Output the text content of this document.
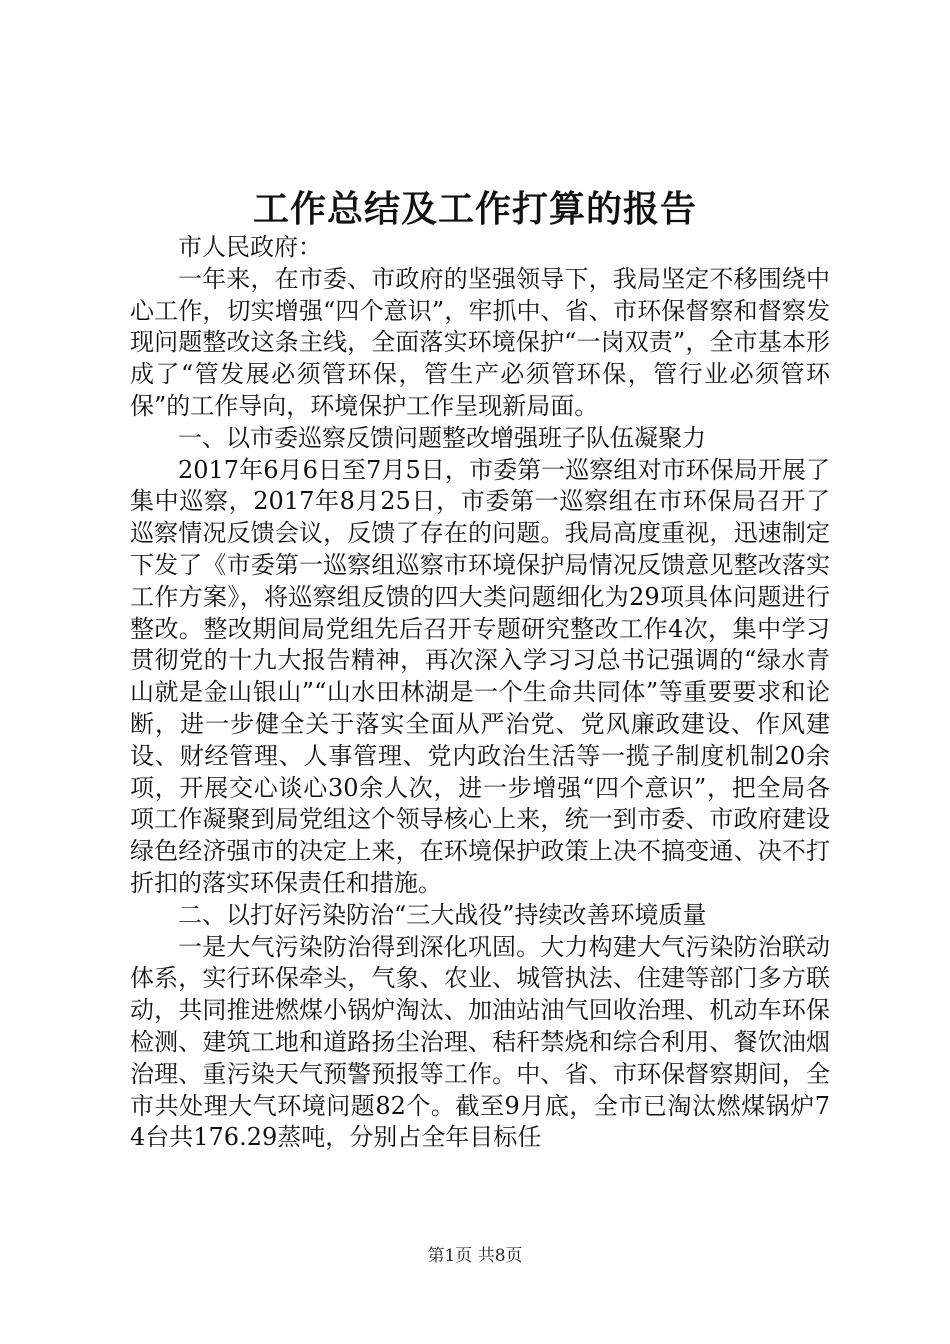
工作总结及工作打算的报告

市人民政府：

一年来，在市委、市政府的坚强领导下，我局坚定不移围绕中心工作，切实增强“四个意识”，牢抓中、省、市环保督察和督察发现问题整改这条主线，全面落实环境保护“一岗双责”，全市基本形成了“管发展必须管环保，管生产必须管环保，管行业必须管环保”的工作导向，环境保护工作呈现新局面。

一、以市委巡察反馈问题整改增强班子队伍凝聚力

2017年6月6日至7月5日，市委第一巡察组对市环保局开展了集中巡察，2017年8月25日，市委第一巡察组在市环保局召开了巡察情况反馈会议，反馈了存在的问题。我局高度重视，迅速制定下发了《市委第一巡察组巡察市环境保护局情况反馈意见整改落实工作方案》，将巡察组反馈的四大类问题细化为29项具体问题进行整改。整改期间局党组先后召开专题研究整改工作4次，集中学习贯彻党的十九大报告精神，再次深入学习习总书记强调的“绿水青山就是金山银山”“山水田林湖是一个生命共同体”等重要要求和论断，进一步健全关于落实全面从严治党、党风廉政建设、作风建设、财经管理、人事管理、党内政治生活等一揽子制度机制20余项，开展交心谈心30余人次，进一步增强“四个意识”，把全局各项工作凝聚到局党组这个领导核心上来，统一到市委、市政府建设绿色经济强市的决定上来，在环境保护政策上决不搞变通、决不打折扣的落实环保责任和措施。

二、以打好污染防治“三大战役”持续改善环境质量

一是大气污染防治得到深化巩固。大力构建大气污染防治联动体系，实行环保牵头，气象、农业、城管执法、住建等部门多方联动，共同推进燃煤小锅炉淘汰、加油站油气回收治理、机动车环保检测、建筑工地和道路扬尘治理、秸秆禁烧和综合利用、餐饮油烟治理、重污染天气预警预报等工作。中、省、市环保督察期间，全市共处理大气环境问题82个。截至9月底，全市已淘汰燃煤锅炉74台共176.29蒸吨，分别占全年目标任

第1页 共8页
